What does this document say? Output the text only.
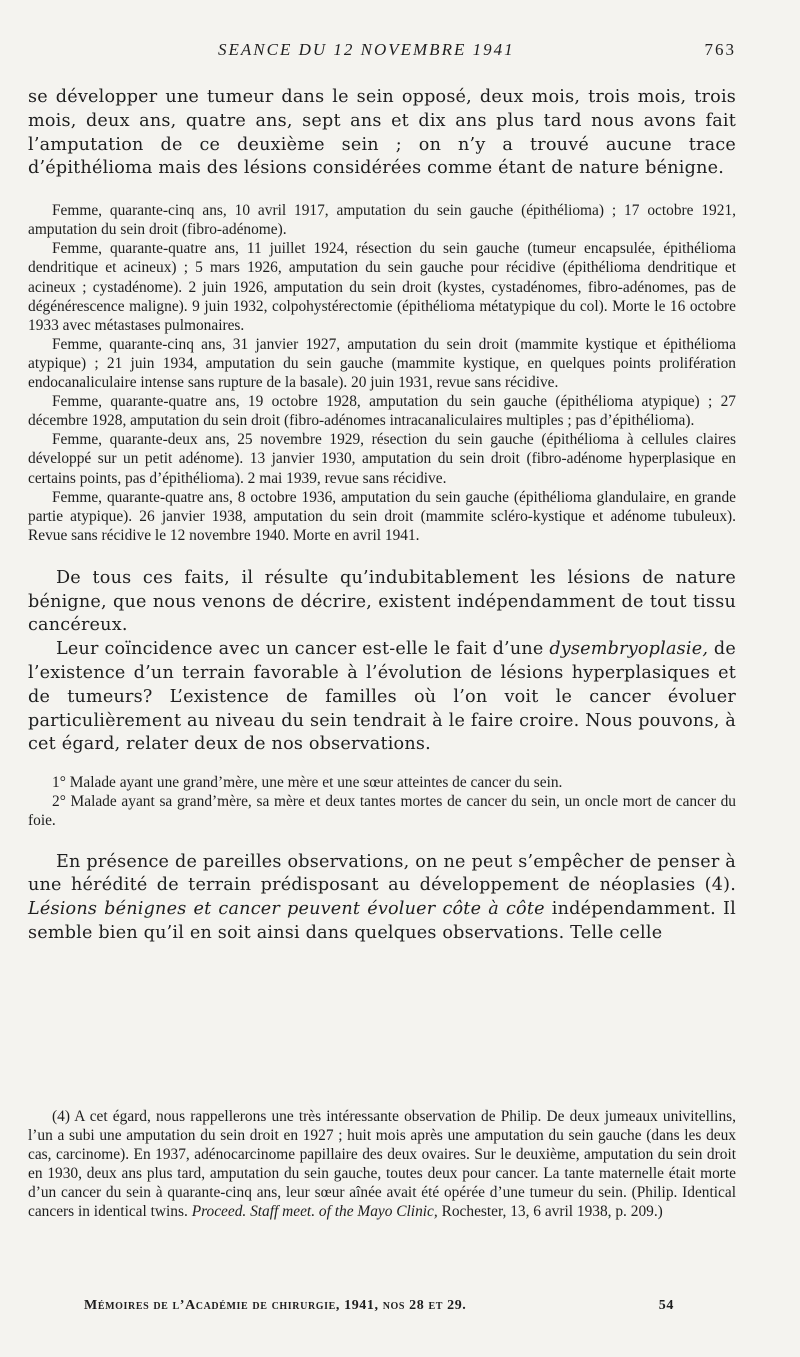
SEANCE DU 12 NOVEMBRE 1941	763

se développer une tumeur dans le sein opposé, deux mois, trois mois, trois mois, deux ans, quatre ans, sept ans et dix ans plus tard nous avons fait l’amputation de ce deuxième sein ; on n’y a trouvé aucune trace d’épithélioma mais des lésions considérées comme étant de nature bénigne.

Femme, quarante-cinq ans, 10 avril 1917, amputation du sein gauche (épithélioma) ; 17 octobre 1921, amputation du sein droit (fibro-adénome).

Femme, quarante-quatre ans, 11 juillet 1924, résection du sein gauche (tumeur encapsulée, épithélioma dendritique et acineux) ; 5 mars 1926, amputation du sein gauche pour récidive (épithélioma dendritique et acineux ; cystadénome). 2 juin 1926, amputation du sein droit (kystes, cystadénomes, fibro-adénomes, pas de dégénérescence maligne). 9 juin 1932, colpohystérectomie (épithélioma métatypique du col). Morte le 16 octobre 1933 avec métastases pulmonaires.

Femme, quarante-cinq ans, 31 janvier 1927, amputation du sein droit (mammite kystique et épithélioma atypique) ; 21 juin 1934, amputation du sein gauche (mammite kystique, en quelques points prolifération endocanaliculaire intense sans rupture de la basale). 20 juin 1931, revue sans récidive.

Femme, quarante-quatre ans, 19 octobre 1928, amputation du sein gauche (épithélioma atypique) ; 27 décembre 1928, amputation du sein droit (fibro-adénomes intracanaliculaires multiples ; pas d’épithélioma).

Femme, quarante-deux ans, 25 novembre 1929, résection du sein gauche (épithélioma à cellules claires développé sur un petit adénome). 13 janvier 1930, amputation du sein droit (fibro-adénome hyperplasique en certains points, pas d’épithélioma). 2 mai 1939, revue sans récidive.

Femme, quarante-quatre ans, 8 octobre 1936, amputation du sein gauche (épithélioma glandulaire, en grande partie atypique). 26 janvier 1938, amputation du sein droit (mammite scléro-kystique et adénome tubuleux). Revue sans récidive le 12 novembre 1940. Morte en avril 1941.

De tous ces faits, il résulte qu’indubitablement les lésions de nature bénigne, que nous venons de décrire, existent indépendamment de tout tissu cancéreux.

Leur coïncidence avec un cancer est-elle le fait d’une dysembryoplasie, de l’existence d’un terrain favorable à l’évolution de lésions hyperplasiques et de tumeurs? L’existence de familles où l’on voit le cancer évoluer particulièrement au niveau du sein tendrait à le faire croire. Nous pouvons, à cet égard, relater deux de nos observations.

1° Malade ayant une grand’mère, une mère et une sœur atteintes de cancer du sein.

2° Malade ayant sa grand’mère, sa mère et deux tantes mortes de cancer du sein, un oncle mort de cancer du foie.

En présence de pareilles observations, on ne peut s’empêcher de penser à une hérédité de terrain prédisposant au développement de néoplasies (4). Lésions bénignes et cancer peuvent évoluer côte à côte indépendamment. Il semble bien qu’il en soit ainsi dans quelques observations. Telle celle

(4) A cet égard, nous rappellerons une très intéressante observation de Philip. De deux jumeaux univitellins, l’un a subi une amputation du sein droit en 1927 ; huit mois après une amputation du sein gauche (dans les deux cas, carcinome). En 1937, adénocarcinome papillaire des deux ovaires. Sur le deuxième, amputation du sein droit en 1930, deux ans plus tard, amputation du sein gauche, toutes deux pour cancer. La tante maternelle était morte d’un cancer du sein à quarante-cinq ans, leur sœur aînée avait été opérée d’une tumeur du sein. (Philip. Identical cancers in identical twins. Proceed. Staff meet. of the Mayo Clinic, Rochester, 13, 6 avril 1938, p. 209.)

Mémoires de l’Académie de chirurgie, 1941, nos 28 et 29.	54
